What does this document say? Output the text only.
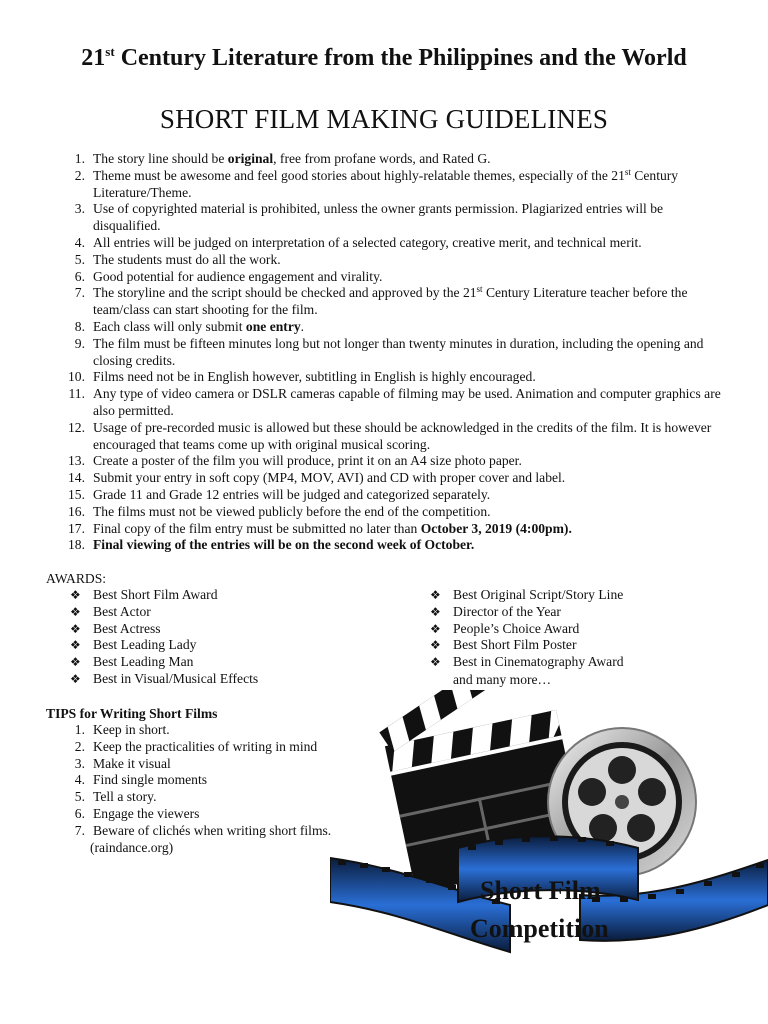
21st Century Literature from the Philippines and the World
SHORT FILM MAKING GUIDELINES
1. The story line should be original, free from profane words, and Rated G.
2. Theme must be awesome and feel good stories about highly-relatable themes, especially of the 21st Century Literature/Theme.
3. Use of copyrighted material is prohibited, unless the owner grants permission. Plagiarized entries will be disqualified.
4. All entries will be judged on interpretation of a selected category, creative merit, and technical merit.
5. The students must do all the work.
6. Good potential for audience engagement and virality.
7. The storyline and the script should be checked and approved by the 21st Century Literature teacher before the team/class can start shooting for the film.
8. Each class will only submit one entry.
9. The film must be fifteen minutes long but not longer than twenty minutes in duration, including the opening and closing credits.
10. Films need not be in English however, subtitling in English is highly encouraged.
11. Any type of video camera or DSLR cameras capable of filming may be used. Animation and computer graphics are also permitted.
12. Usage of pre-recorded music is allowed but these should be acknowledged in the credits of the film. It is however encouraged that teams come up with original musical scoring.
13. Create a poster of the film you will produce, print it on an A4 size photo paper.
14. Submit your entry in soft copy (MP4, MOV, AVI) and CD with proper cover and label.
15. Grade 11 and Grade 12 entries will be judged and categorized separately.
16. The films must not be viewed publicly before the end of the competition.
17. Final copy of the film entry must be submitted no later than October 3, 2019 (4:00pm).
18. Final viewing of the entries will be on the second week of October.
AWARDS:
❖ Best Short Film Award
❖ Best Actor
❖ Best Actress
❖ Best Leading Lady
❖ Best Leading Man
❖ Best in Visual/Musical Effects
❖ Best Original Script/Story Line
❖ Director of the Year
❖ People’s Choice Award
❖ Best Short Film Poster
❖ Best in Cinematography Award
and many more…
TIPS for Writing Short Films
1. Keep in short.
2. Keep the practicalities of writing in mind
3. Make it visual
4. Find single moments
5. Tell a story.
6. Engage the viewers
7. Beware of clichés when writing short films.
(raindance.org)
Short Film
Competition
